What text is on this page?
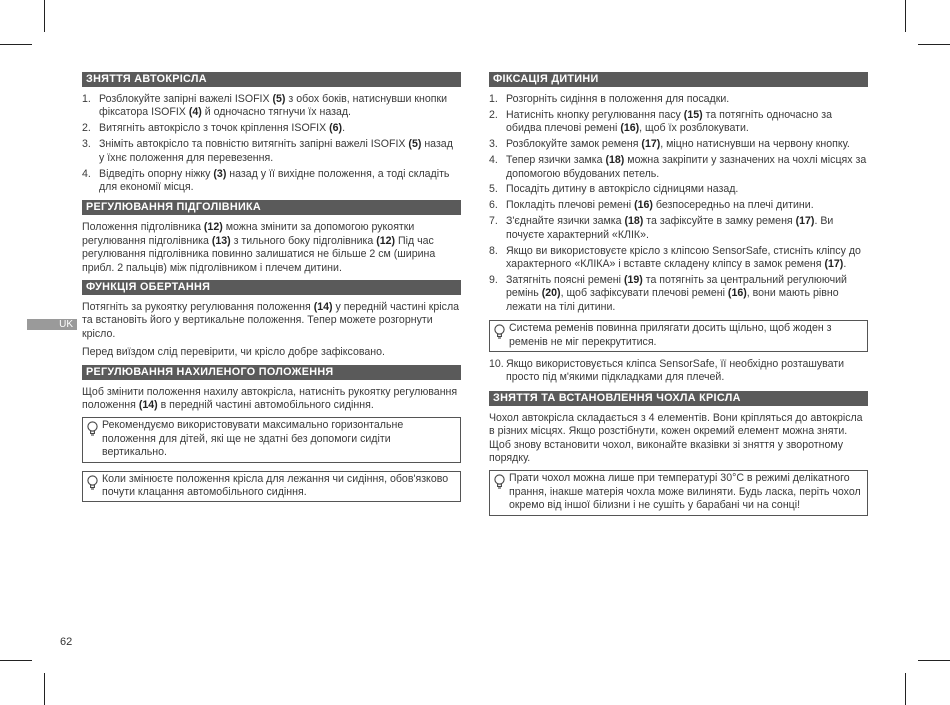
UK
ЗНЯТТЯ АВТОКРІСЛА
1. Розблокуйте запірні важелі ISOFIX (5) з обох боків, натиснувши кнопки фіксатора ISOFIX (4) й одночасно тягнучи їх назад.
2. Витягніть автокрісло з точок кріплення ISOFIX (6).
3. Зніміть автокрісло та повністю витягніть запірні важелі ISOFIX (5) назад у їхнє положення для перевезення.
4. Відведіть опорну ніжку (3) назад у її вихідне положення, а тоді складіть для економії місця.
РЕГУЛЮВАННЯ ПІДГОЛІВНИКА
Положення підголівника (12) можна змінити за допомогою рукоятки регулювання підголівника (13) з тильного боку підголівника (12) Під час регулювання підголівника повинно залишатися не більше 2 см (ширина прибл. 2 пальців) між підголівником і плечем дитини.
ФУНКЦІЯ ОБЕРТАННЯ
Потягніть за рукоятку регулювання положення (14) у передній частині крісла та встановіть його у вертикальне положення. Тепер можете розгорнути крісло.
Перед виїздом слід перевірити, чи крісло добре зафіксовано.
РЕГУЛЮВАННЯ НАХИЛЕНОГО ПОЛОЖЕННЯ
Щоб змінити положення нахилу автокрісла, натисніть рукоятку регулювання положення (14) в передній частині автомобільного сидіння.
Рекомендуємо використовувати максимально горизонтальне положення для дітей, які ще не здатні без допомоги сидіти вертикально.
Коли змінюєте положення крісла для лежання чи сидіння, обов'язково почути клацання автомобільного сидіння.
ФІКСАЦІЯ ДИТИНИ
1. Розгорніть сидіння в положення для посадки.
2. Натисніть кнопку регулювання пасу (15) та потягніть одночасно за обидва плечові ремені (16), щоб їх розблокувати.
3. Розблокуйте замок ременя (17), міцно натиснувши на червону кнопку.
4. Тепер язички замка (18) можна закріпити у зазначених на чохлі місцях за допомогою вбудованих петель.
5. Посадіть дитину в автокрісло сідницями назад.
6. Покладіть плечові ремені (16) безпосередньо на плечі дитини.
7. З'єднайте язички замка (18) та зафіксуйте в замку ременя (17). Ви почуєте характерний «КЛІК».
8. Якщо ви використовуєте крісло з кліпсою SensorSafe, стисніть кліпсу до характерного «КЛІКА» і вставте складену кліпсу в замок ременя (17).
9. Затягніть поясні ремені (19) та потягніть за центральний регулюючий ремінь (20), щоб зафіксувати плечові ремені (16), вони мають рівно лежати на тілі дитини.
Система ременів повинна прилягати досить щільно, щоб жоден з ременів не міг перекрутитися.
10. Якщо використовується кліпса SensorSafe, її необхідно розташувати просто під м'якими підкладками для плечей.
ЗНЯТТЯ ТА ВСТАНОВЛЕННЯ ЧОХЛА КРІСЛА
Чохол автокрісла складається з 4 елементів. Вони кріпляться до автокрісла в різних місцях. Якщо розстібнути, кожен окремий елемент можна зняти. Щоб знову встановити чохол, виконайте вказівки зі зняття у зворотному порядку.
Прати чохол можна лише при температурі 30°C в режимі делікатного прання, інакше матерія чохла може вилиняти. Будь ласка, періть чохол окремо від іншої білизни і не сушіть у барабані чи на сонці!
62
